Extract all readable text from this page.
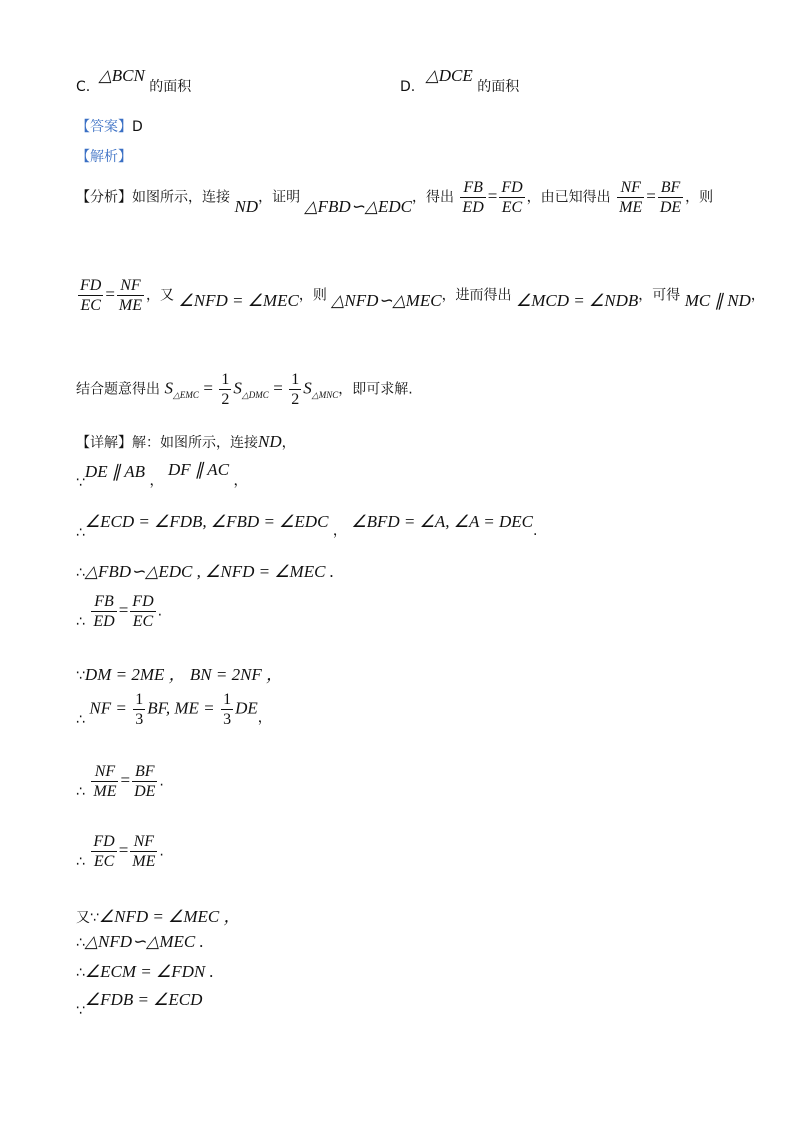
C. △BCN 的面积	D. △DCE 的面积
【答案】D
【解析】
【分析】如图所示，连接 ND，证明 △FBD∽△EDC，得出 $\frac{FB}{ED} = \frac{FD}{EC}$ ，由已知得出 $\frac{NF}{ME} = \frac{BF}{DE}$ ，则
$\frac{FD}{EC} = \frac{NF}{ME}$ ，又 ∠NFD = ∠MEC，则 △NFD∽△MEC，进而得出 ∠MCD = ∠NDB，可得 MC ∥ ND，
结合题意得出 $S_{\triangle EMC} = \frac{1}{2} S_{\triangle DMC} = \frac{1}{2} S_{\triangle MNC}$，即可求解.
【详解】解：如图所示，连接ND，
∵DE ∥ AB ， DF ∥ AC ，
∴∠ECD = ∠FDB, ∠FBD = ∠EDC ， ∠BFD = ∠A, ∠A = DEC.
∴△FBD∽△EDC , ∠NFD = ∠MEC .
∴ $\frac{FB}{ED} = \frac{FD}{EC}$ .
∵DM = 2ME ， BN = 2NF ，
∴ NF = $\frac{1}{3}$ BF, ME = $\frac{1}{3}$ DE，
∴ $\frac{NF}{ME} = \frac{BF}{DE}$ .
∴ $\frac{FD}{EC} = \frac{NF}{ME}$ .
又∵∠NFD = ∠MEC ，
∴△NFD∽△MEC .
∴∠ECM = ∠FDN .
∵∠FDB = ∠ECD
